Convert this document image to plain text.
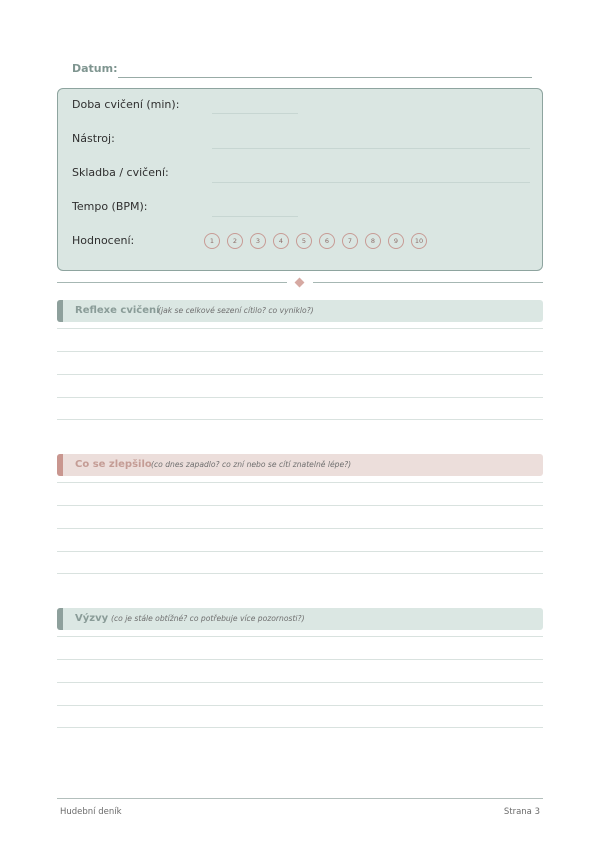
Datum:
Doba cvičení (min):
Nástroj:
Skladba / cvičení:
Tempo (BPM):
Hodnocení:	1	2	3	4	5	6	7	8	9	10
Reflexe cvičení
(jak se celkové sezení cítilo? co vyniklo?)
Co se zlepšilo (co dnes zapadlo? co zní nebo se cítí znatelně lépe?)
Výzvy (co je stále obtížné? co potřebuje více pozornosti?)
Hudební deník	Strana 3
